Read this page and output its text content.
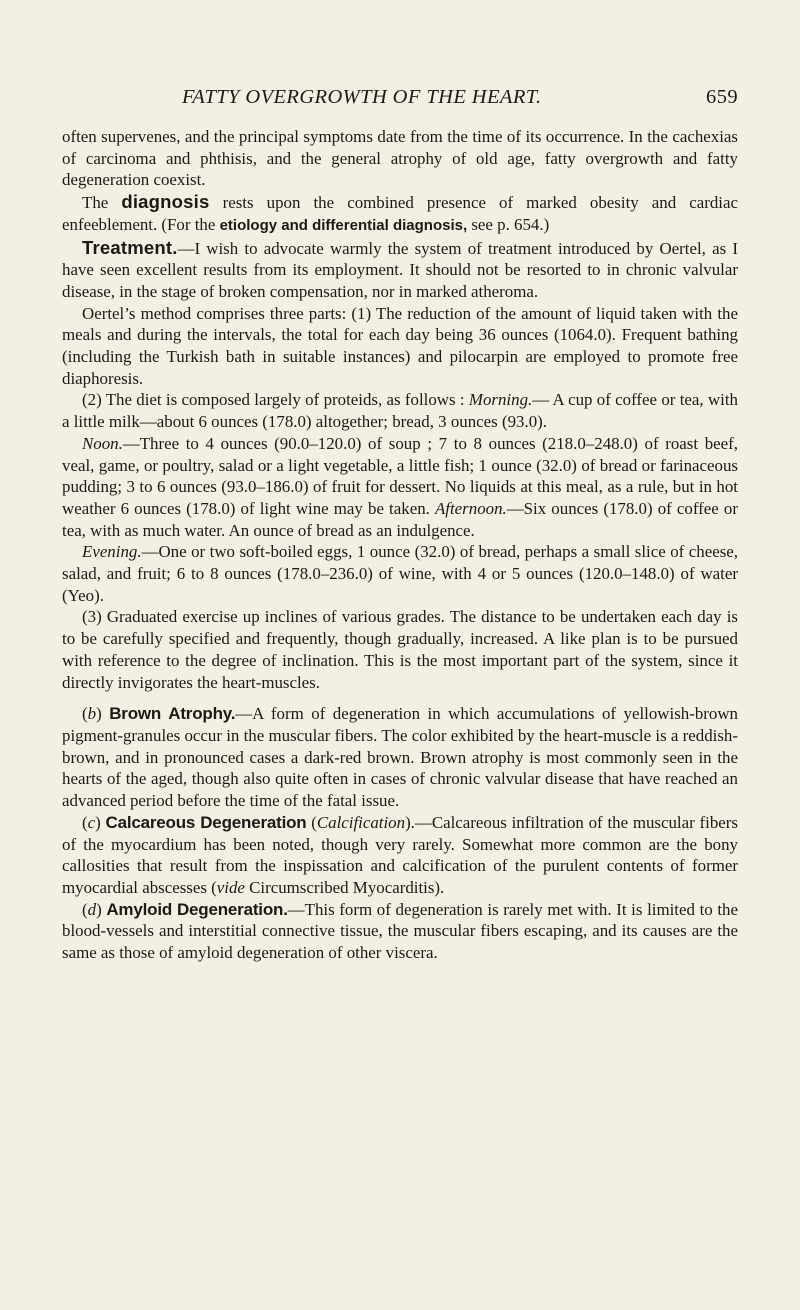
FATTY OVERGROWTH OF THE HEART.	659

often supervenes, and the principal symptoms date from the time of its occurrence. In the cachexias of carcinoma and phthisis, and the general atrophy of old age, fatty overgrowth and fatty degeneration coexist.

The diagnosis rests upon the combined presence of marked obesity and cardiac enfeeblement. (For the etiology and differential diagnosis, see p. 654.)

Treatment.—I wish to advocate warmly the system of treatment introduced by Oertel, as I have seen excellent results from its employment. It should not be resorted to in chronic valvular disease, in the stage of broken compensation, nor in marked atheroma.

Oertel’s method comprises three parts: (1) The reduction of the amount of liquid taken with the meals and during the intervals, the total for each day being 36 ounces (1064.0). Frequent bathing (including the Turkish bath in suitable instances) and pilocarpin are employed to promote free diaphoresis.

(2) The diet is composed largely of proteids, as follows : Morning.— A cup of coffee or tea, with a little milk—about 6 ounces (178.0) altogether; bread, 3 ounces (93.0).

Noon.—Three to 4 ounces (90.0–120.0) of soup ; 7 to 8 ounces (218.0–248.0) of roast beef, veal, game, or poultry, salad or a light vegetable, a little fish; 1 ounce (32.0) of bread or farinaceous pudding; 3 to 6 ounces (93.0–186.0) of fruit for dessert. No liquids at this meal, as a rule, but in hot weather 6 ounces (178.0) of light wine may be taken. Afternoon.—Six ounces (178.0) of coffee or tea, with as much water. An ounce of bread as an indulgence.

Evening.—One or two soft-boiled eggs, 1 ounce (32.0) of bread, perhaps a small slice of cheese, salad, and fruit; 6 to 8 ounces (178.0–236.0) of wine, with 4 or 5 ounces (120.0–148.0) of water (Yeo).

(3) Graduated exercise up inclines of various grades. The distance to be undertaken each day is to be carefully specified and frequently, though gradually, increased. A like plan is to be pursued with reference to the degree of inclination. This is the most important part of the system, since it directly invigorates the heart-muscles.

(b) Brown Atrophy.—A form of degeneration in which accumulations of yellowish-brown pigment-granules occur in the muscular fibers. The color exhibited by the heart-muscle is a reddish-brown, and in pronounced cases a dark-red brown. Brown atrophy is most commonly seen in the hearts of the aged, though also quite often in cases of chronic valvular disease that have reached an advanced period before the time of the fatal issue.

(c) Calcareous Degeneration (Calcification).—Calcareous infiltration of the muscular fibers of the myocardium has been noted, though very rarely. Somewhat more common are the bony callosities that result from the inspissation and calcification of the purulent contents of former myocardial abscesses (vide Circumscribed Myocarditis).

(d) Amyloid Degeneration.—This form of degeneration is rarely met with. It is limited to the blood-vessels and interstitial connective tissue, the muscular fibers escaping, and its causes are the same as those of amyloid degeneration of other viscera.
